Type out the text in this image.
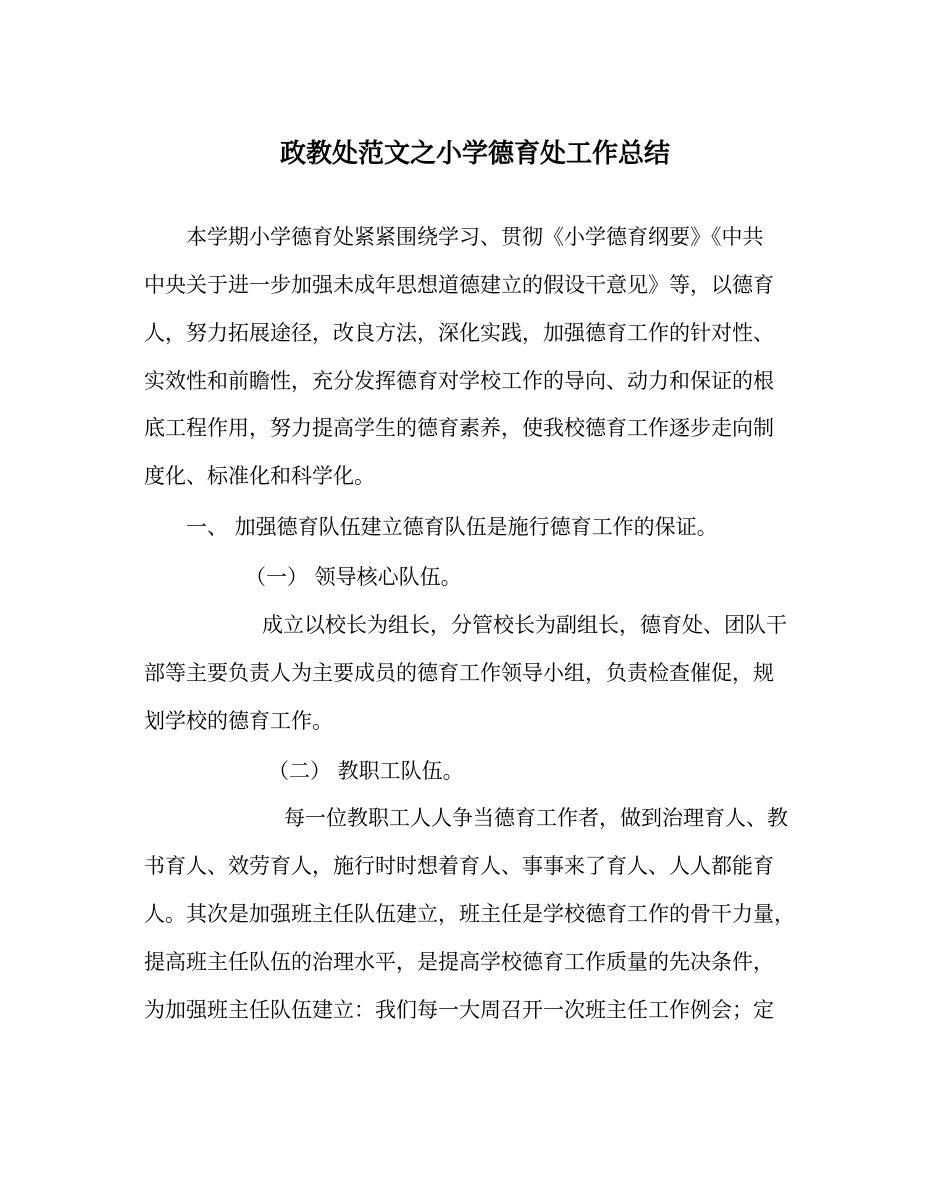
政教处范文之小学德育处工作总结
本学期小学德育处紧紧围绕学习、贯彻《小学德育纲要》《中共
中央关于进一步加强未成年思想道德建立的假设干意见》等，以德育
人，努力拓展途径，改良方法，深化实践，加强德育工作的针对性、
实效性和前瞻性，充分发挥德育对学校工作的导向、动力和保证的根
底工程作用，努力提高学生的德育素养，使我校德育工作逐步走向制
度化、标准化和科学化。
一、 加强德育队伍建立德育队伍是施行德育工作的保证。
（一） 领导核心队伍。
成立以校长为组长，分管校长为副组长，德育处、团队干
部等主要负责人为主要成员的德育工作领导小组，负责检查催促，规
划学校的德育工作。
（二） 教职工队伍。
每一位教职工人人争当德育工作者，做到治理育人、教
书育人、效劳育人，施行时时想着育人、事事来了育人、人人都能育
人。其次是加强班主任队伍建立，班主任是学校德育工作的骨干力量，
提高班主任队伍的治理水平，是提高学校德育工作质量的先决条件，
为加强班主任队伍建立：我们每一大周召开一次班主任工作例会；定
